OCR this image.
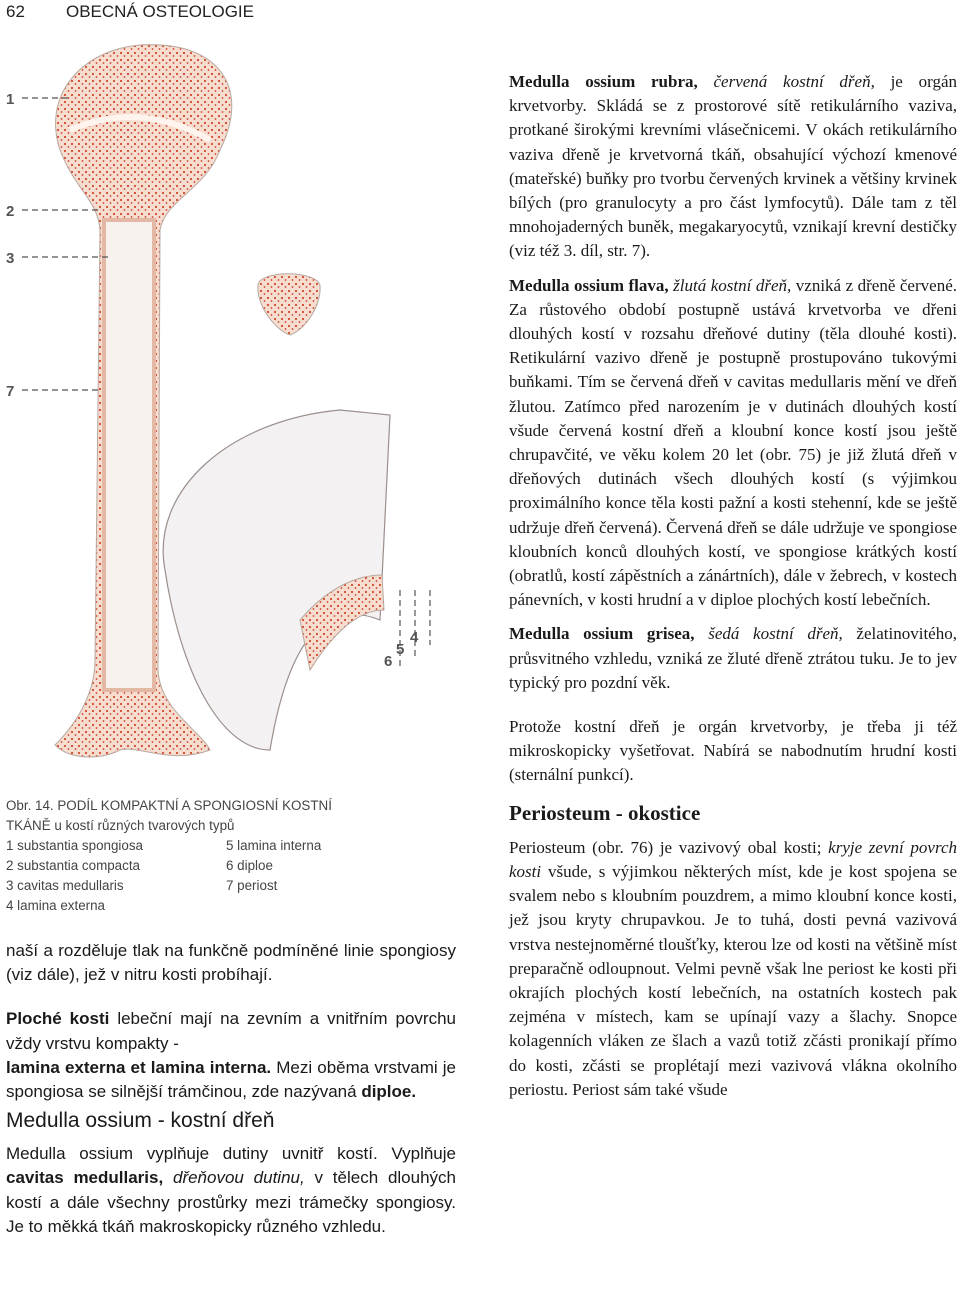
62 OBECNÁ OSTEOLOGIE
1
2
3
7
6
5
4
Obr. 14. PODÍL KOMPAKTNÍ A SPONGIOSNÍ KOSTNÍ TKÁNĚ u kostí různých tvarových typů
1 substantia spongiosa	5 lamina interna
2 substantia compacta	6 diploe
3 cavitas medullaris	7 periost
4 lamina externa

naší a rozděluje tlak na funkčně podmíněné linie spongiosy (viz dále), jež v nitru kosti probíhají.

Ploché kosti lebeční mají na zevním a vnitřním povrchu vždy vrstvu kompakty -
lamina externa et lamina interna. Mezi oběma vrstvami je spongiosa se silnější trámčinou, zde nazývaná diploe.

Medulla ossium - kostní dřeň

Medulla ossium vyplňuje dutiny uvnitř kostí. Vyplňuje cavitas medullaris, dřeňovou dutinu, v tělech dlouhých kostí a dále všechny prostůrky mezi trámečky spongiosy. Je to měkká tkáň makroskopicky různého vzhledu.

Medulla ossium rubra, červená kostní dřeň, je orgán krvetvorby. Skládá se z prostorové sítě retikulárního vaziva, protkané širokými krevními vlásečnicemi. V okách retikulárního vaziva dřeně je krvetvorná tkáň, obsahující výchozí kmenové (mateřské) buňky pro tvorbu červených krvinek a většiny krvinek bílých (pro granulocyty a pro část lymfocytů). Dále tam z těl mnohojaderných buněk, megakaryocytů, vznikají krevní destičky (viz též 3. díl, str. 7).

Medulla ossium flava, žlutá kostní dřeň, vzniká z dřeně červené. Za růstového období postupně ustává krvetvorba ve dřeni dlouhých kostí v rozsahu dřeňové dutiny (těla dlouhé kosti). Retikulární vazivo dřeně je postupně prostupováno tukovými buňkami. Tím se červená dřeň v cavitas medullaris mění ve dřeň žlutou. Zatímco před narozením je v dutinách dlouhých kostí všude červená kostní dřeň a kloubní konce kostí jsou ještě chrupavčité, ve věku kolem 20 let (obr. 75) je již žlutá dřeň v dřeňových dutinách všech dlouhých kostí (s výjimkou proximálního konce těla kosti pažní a kosti stehenní, kde se ještě udržuje dřeň červená). Červená dřeň se dále udržuje ve spongiose kloubních konců dlouhých kostí, ve spongiose krátkých kostí (obratlů, kostí zápěstních a zánártních), dále v žebrech, v kostech pánevních, v kosti hrudní a v diploe plochých kostí lebečních.

Medulla ossium grisea, šedá kostní dřeň, želatinovitého, průsvitného vzhledu, vzniká ze žluté dřeně ztrátou tuku. Je to jev typický pro pozdní věk.

Protože kostní dřeň je orgán krvetvorby, je třeba ji též mikroskopicky vyšetřovat. Nabírá se nabodnutím hrudní kosti (sternální punkcí).

Periosteum - okostice

Periosteum (obr. 76) je vazivový obal kosti; kryje zevní povrch kosti všude, s výjimkou některých míst, kde je kost spojena se svalem nebo s kloubním pouzdrem, a mimo kloubní konce kosti, jež jsou kryty chrupavkou. Je to tuhá, dosti pevná vazivová vrstva nestejnoměrné tloušťky, kterou lze od kosti na většině míst preparačně odloupnout. Velmi pevně však lne periost ke kosti při okrajích plochých kostí lebečních, na ostatních kostech pak zejména v místech, kam se upínají vazy a šlachy. Snopce kolagenních vláken ze šlach a vazů totiž zčásti pronikají přímo do kosti, zčásti se proplétají mezi vazivová vlákna okolního periostu. Periost sám také všude
